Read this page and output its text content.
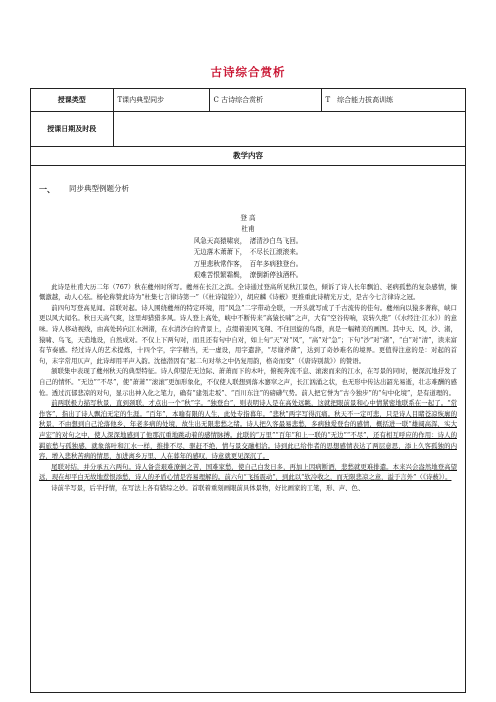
古诗综合赏析
授课类型	T课内典型同步	C 古诗综合赏析	T　综合能力拔高训练
授课日期及时段			
教学内容
一、 同步典型例题分析
登 高
杜甫
风急天高猿啸哀，　渚清沙白鸟飞回。
无边落木萧萧下，　不尽长江滚滚来。
万里悲秋常作客，　百年多病独登台。
艰难苦恨繁霜鬓，　潦倒新停浊酒杯。

此诗是杜甫大历二年（767）秋在夔州时所写。夔州在长江之滨。全诗通过登高所见秋江景色，倾诉了诗人长年飘泊、老病孤愁的复杂感情，慷慨激越，动人心弦。杨伦称赞此诗为“杜集七言律诗第一”（《杜诗镜铨》），胡应麟《诗薮》更推重此诗精光万丈，是古今七言律诗之冠。

前四句写登高见闻。首联对起。诗人围绕夔州的特定环境，用“风急”二字带动全联，一开头就写成了千古流传的佳句。夔州向以猿多著称，峡口更以风大闻名。秋日天高气爽，这里却猎猎多风。诗人登上高处，峡中不断传来“高猿长啸”之声，大有“空谷传响，哀转久绝”（《水经注·江水》）的意味。诗人移动视线，由高处转向江水洲渚，在水清沙白的背景上，点缀着迎风飞翔、不住回旋的鸟群，真是一幅精美的画图。其中天、风，沙、渚，猿啸、鸟飞，天造地设，自然成对。不仅上下两句对，而且还有句中自对，如上句“天”对“风”，“高”对“急”；下句“沙”对“渚”，“白”对“清”，读来富有节奏感。经过诗人的艺术提炼，十四个字，字字精当，无一虚设，用字遣辞，“尽谢斧凿”，达到了奇妙难名的境界。更值得注意的是：对起的首句，末字常用仄声，此诗却用平声入韵。沈德潜因有“起二句对举之中仍复用韵，格奇而变”（《唐诗别裁》）的赞语。

颔联集中表现了夔州秋天的典型特征。诗人仰望茫无边际、萧萧而下的木叶，俯视奔流不息、滚滚而来的江水，在写景的同时，便深沉地抒发了自己的情怀。“无边”“不尽”，使“萧萧”“滚滚”更加形象化，不仅使人联想到落木窸窣之声，长江汹涌之状，也无形中传达出韶光易逝，壮志难酬的感怆。透过沉郁悲凉的对句，显示出神入化之笔力，确有“建瓴走坂”、“百川东注”的磅礴气势。前人把它誉为“古今独步”的“句中化境”，是有道理的。

前两联极力描写秋景，直到颈联，才点出一个“秋”字。“独登台”，则表明诗人是在高处远眺，这就把眼前景和心中情紧密地联系在一起了。“常作客”，指出了诗人飘泊无定的生涯。“百年”，本喻有限的人生，此处专指暮年。“悲秋”两字写得沉痛。秋天不一定可悲，只是诗人目睹苍凉恢廓的秋景，不由想到自己沦落他乡、年老多病的处境，故生出无限悲愁之绪。诗人把久客最易悲愁，多病独爱登台的感情，概括进一联“雄阔高浑，实大声宏”的对句之中，使人深深地感到了他那沉重地跳动着的感情脉搏。此联的“万里”“百年”和上一联的“无边”“不尽”，还有相互呼应的作用：诗人的羁旅愁与孤独感，就象落叶和江水一样，推排不尽，驱赶不绝，情与景交融相洽。诗到此已给作者的思想感情表达了两层意思，添上久客孤独的内容，增入悲秋苦病的情思，加进离乡万里、人在暮年的感叹，诗意就更见深沉了。

尾联对结，并分承五六两句。诗人备尝艰难潦倒之苦，国难家愁，使自己白发日多，再加上因病断酒，悲愁就更难排遣。本来兴会盎然地登高望远，现在却平白无故地惹恨添愁，诗人的矛盾心情是容易理解的。前六句“飞扬震动”，到此以“软冷收之，而无限悲凉之意，溢于言外”（《诗薮》）。

诗前半写景，后半抒情，在写法上各有错综之妙。首联着重刻画眼前具体景物，好比画家的工笔，形、声、色、
